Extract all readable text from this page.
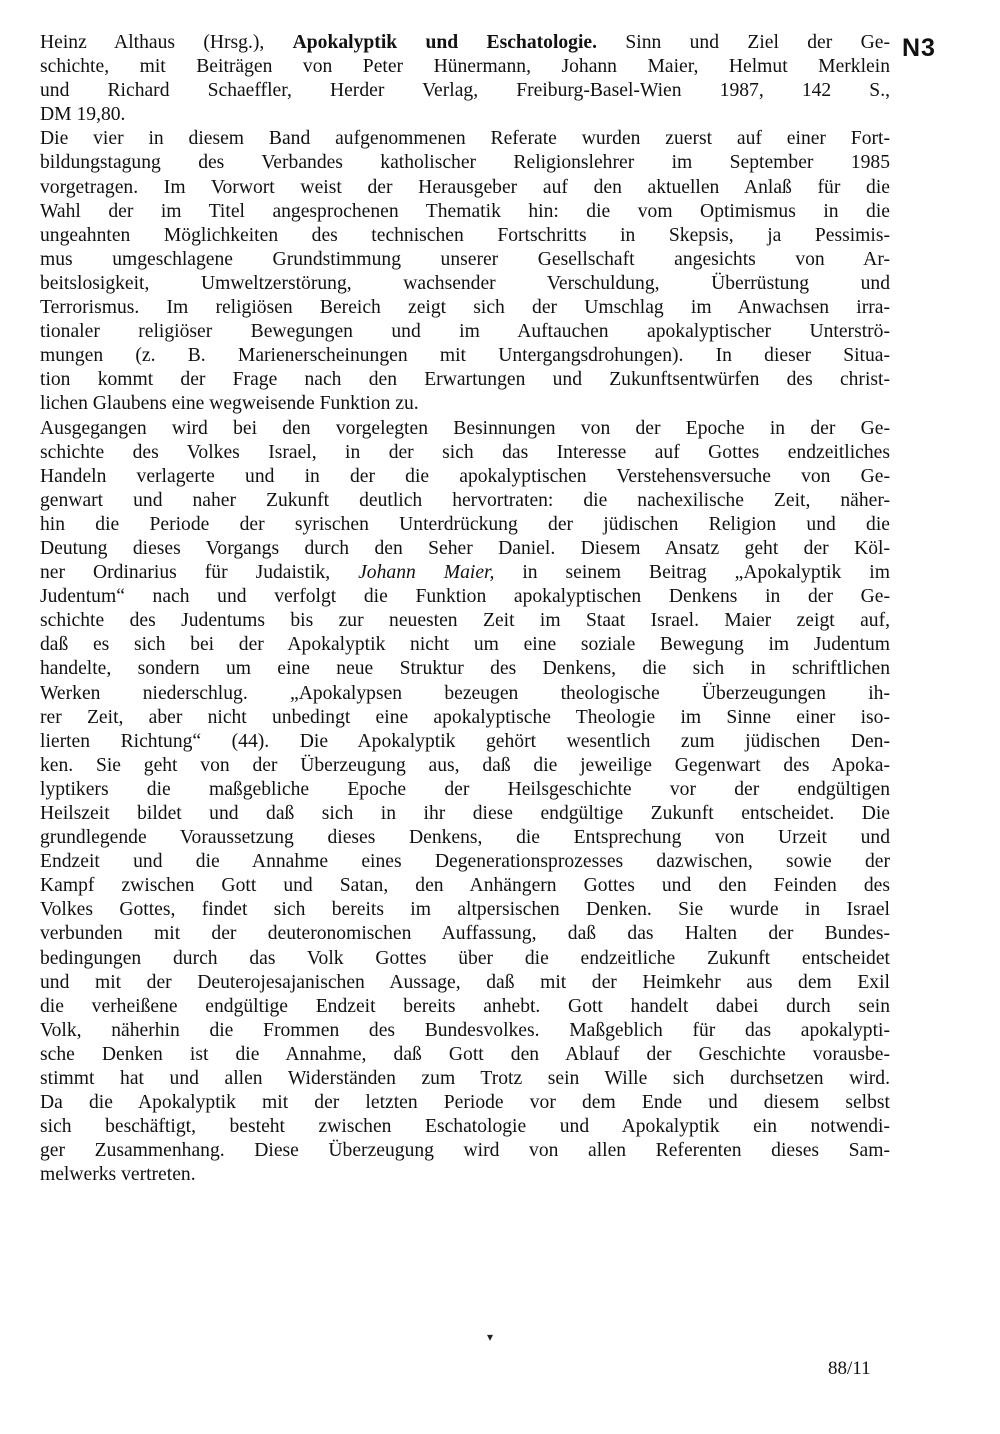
N3
Heinz Althaus (Hrsg.), Apokalyptik und Eschatologie. Sinn und Ziel der Ge-
schichte, mit Beiträgen von Peter Hünermann, Johann Maier, Helmut Merklein
und Richard Schaeffler, Herder Verlag, Freiburg-Basel-Wien 1987, 142 S.,
DM 19,80.
Die vier in diesem Band aufgenommenen Referate wurden zuerst auf einer Fort-
bildungstagung des Verbandes katholischer Religionslehrer im September 1985
vorgetragen. Im Vorwort weist der Herausgeber auf den aktuellen Anlaß für die
Wahl der im Titel angesprochenen Thematik hin: die vom Optimismus in die
ungeahnten Möglichkeiten des technischen Fortschritts in Skepsis, ja Pessimis-
mus umgeschlagene Grundstimmung unserer Gesellschaft angesichts von Ar-
beitslosigkeit, Umweltzerstörung, wachsender Verschuldung, Überrüstung und
Terrorismus. Im religiösen Bereich zeigt sich der Umschlag im Anwachsen irra-
tionaler religiöser Bewegungen und im Auftauchen apokalyptischer Unterströ-
mungen (z. B. Marienerscheinungen mit Untergangsdrohungen). In dieser Situa-
tion kommt der Frage nach den Erwartungen und Zukunftsentwürfen des christ-
lichen Glaubens eine wegweisende Funktion zu.
Ausgegangen wird bei den vorgelegten Besinnungen von der Epoche in der Ge-
schichte des Volkes Israel, in der sich das Interesse auf Gottes endzeitliches
Handeln verlagerte und in der die apokalyptischen Verstehensversuche von Ge-
genwart und naher Zukunft deutlich hervortraten: die nachexilische Zeit, näher-
hin die Periode der syrischen Unterdrückung der jüdischen Religion und die
Deutung dieses Vorgangs durch den Seher Daniel. Diesem Ansatz geht der Köl-
ner Ordinarius für Judaistik, Johann Maier, in seinem Beitrag „Apokalyptik im
Judentum“ nach und verfolgt die Funktion apokalyptischen Denkens in der Ge-
schichte des Judentums bis zur neuesten Zeit im Staat Israel. Maier zeigt auf,
daß es sich bei der Apokalyptik nicht um eine soziale Bewegung im Judentum
handelte, sondern um eine neue Struktur des Denkens, die sich in schriftlichen
Werken niederschlug. „Apokalypsen bezeugen theologische Überzeugungen ih-
rer Zeit, aber nicht unbedingt eine apokalyptische Theologie im Sinne einer iso-
lierten Richtung“ (44). Die Apokalyptik gehört wesentlich zum jüdischen Den-
ken. Sie geht von der Überzeugung aus, daß die jeweilige Gegenwart des Apoka-
lyptikers die maßgebliche Epoche der Heilsgeschichte vor der endgültigen
Heilszeit bildet und daß sich in ihr diese endgültige Zukunft entscheidet. Die
grundlegende Voraussetzung dieses Denkens, die Entsprechung von Urzeit und
Endzeit und die Annahme eines Degenerationsprozesses dazwischen, sowie der
Kampf zwischen Gott und Satan, den Anhängern Gottes und den Feinden des
Volkes Gottes, findet sich bereits im altpersischen Denken. Sie wurde in Israel
verbunden mit der deuteronomischen Auffassung, daß das Halten der Bundes-
bedingungen durch das Volk Gottes über die endzeitliche Zukunft entscheidet
und mit der Deuterojesajanischen Aussage, daß mit der Heimkehr aus dem Exil
die verheißene endgültige Endzeit bereits anhebt. Gott handelt dabei durch sein
Volk, näherhin die Frommen des Bundesvolkes. Maßgeblich für das apokalypti-
sche Denken ist die Annahme, daß Gott den Ablauf der Geschichte vorausbe-
stimmt hat und allen Widerständen zum Trotz sein Wille sich durchsetzen wird.
Da die Apokalyptik mit der letzten Periode vor dem Ende und diesem selbst
sich beschäftigt, besteht zwischen Eschatologie und Apokalyptik ein notwendi-
ger Zusammenhang. Diese Überzeugung wird von allen Referenten dieses Sam-
melwerks vertreten.
▾
88/11
